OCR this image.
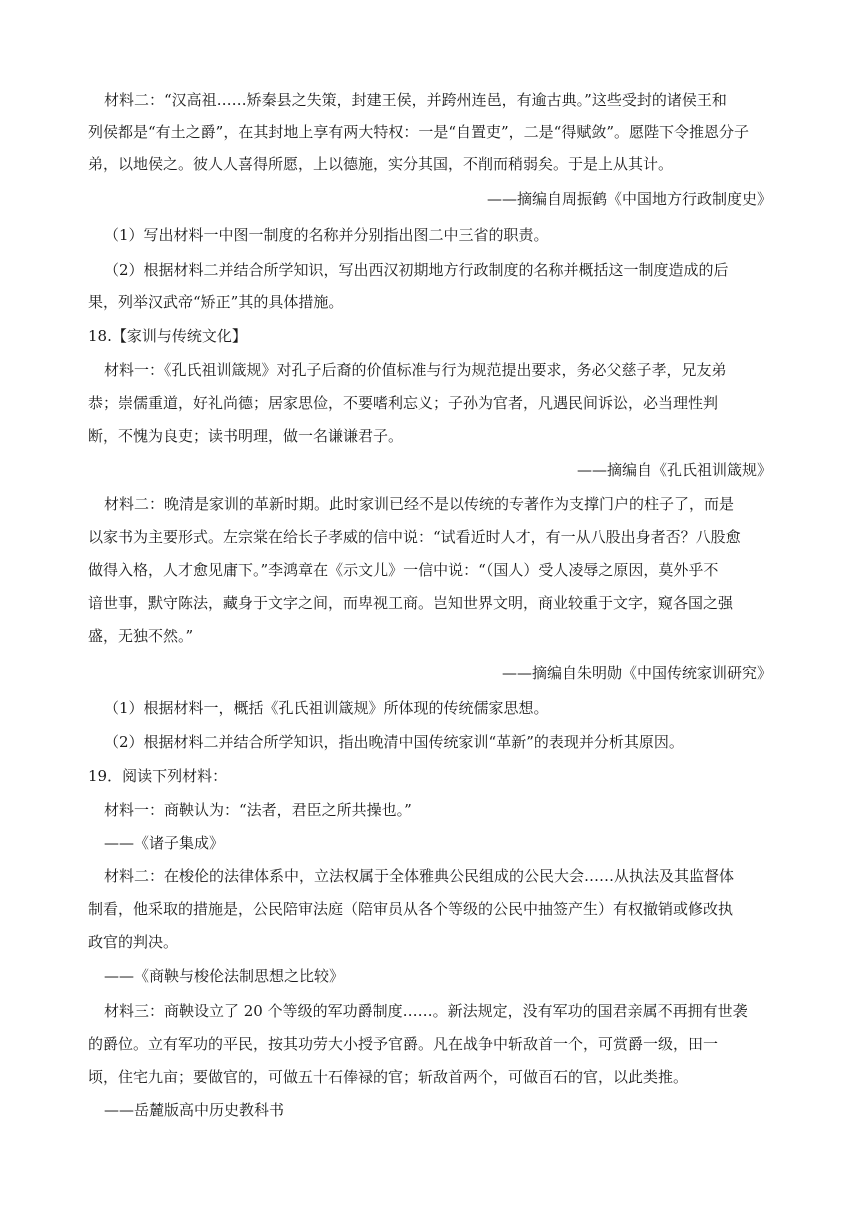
材料二：“汉高祖……矫秦县之失策，封建王侯，并跨州连邑，有逾古典。”这些受封的诸侯王和

列侯都是“有土之爵”，在其封地上享有两大特权：一是“自置吏”，二是“得赋敛”。愿陛下令推恩分子

弟，以地侯之。彼人人喜得所愿，上以德施，实分其国，不削而稍弱矣。于是上从其计。

——摘编自周振鹤《中国地方行政制度史》

（1）写出材料一中图一制度的名称并分别指出图二中三省的职责。

（2）根据材料二并结合所学知识，写出西汉初期地方行政制度的名称并概括这一制度造成的后

果，列举汉武帝“矫正”其的具体措施。

18.【家训与传统文化】

材料一：《孔氏祖训箴规》对孔子后裔的价值标准与行为规范提出要求，务必父慈子孝，兄友弟

恭；崇儒重道，好礼尚德；居家思俭，不要嗜利忘义；子孙为官者，凡遇民间诉讼，必当理性判

断，不愧为良吏；读书明理，做一名谦谦君子。

——摘编自《孔氏祖训箴规》

材料二：晚清是家训的革新时期。此时家训已经不是以传统的专著作为支撑门户的柱子了，而是

以家书为主要形式。左宗棠在给长子孝威的信中说：“试看近时人才，有一从八股出身者否？八股愈

做得入格，人才愈见庸下。”李鸿章在《示文儿》一信中说：“（国人）受人凌辱之原因，莫外乎不

谙世事，默守陈法，藏身于文字之间，而卑视工商。岂知世界文明，商业较重于文字，窥各国之强

盛，无独不然。”

——摘编自朱明勋《中国传统家训研究》

（1）根据材料一，概括《孔氏祖训箴规》所体现的传统儒家思想。

（2）根据材料二并结合所学知识，指出晚清中国传统家训“革新”的表现并分析其原因。

19．阅读下列材料：

材料一：商鞅认为：“法者，君臣之所共操也。”

——《诸子集成》

材料二：在梭伦的法律体系中，立法权属于全体雅典公民组成的公民大会……从执法及其监督体

制看，他采取的措施是，公民陪审法庭（陪审员从各个等级的公民中抽签产生）有权撤销或修改执

政官的判决。

——《商鞅与梭伦法制思想之比较》

材料三：商鞅设立了 20 个等级的军功爵制度……。新法规定，没有军功的国君亲属不再拥有世袭

的爵位。立有军功的平民，按其功劳大小授予官爵。凡在战争中斩敌首一个，可赏爵一级，田一

顷，住宅九亩；要做官的，可做五十石俸禄的官；斩敌首两个，可做百石的官，以此类推。

——岳麓版高中历史教科书
